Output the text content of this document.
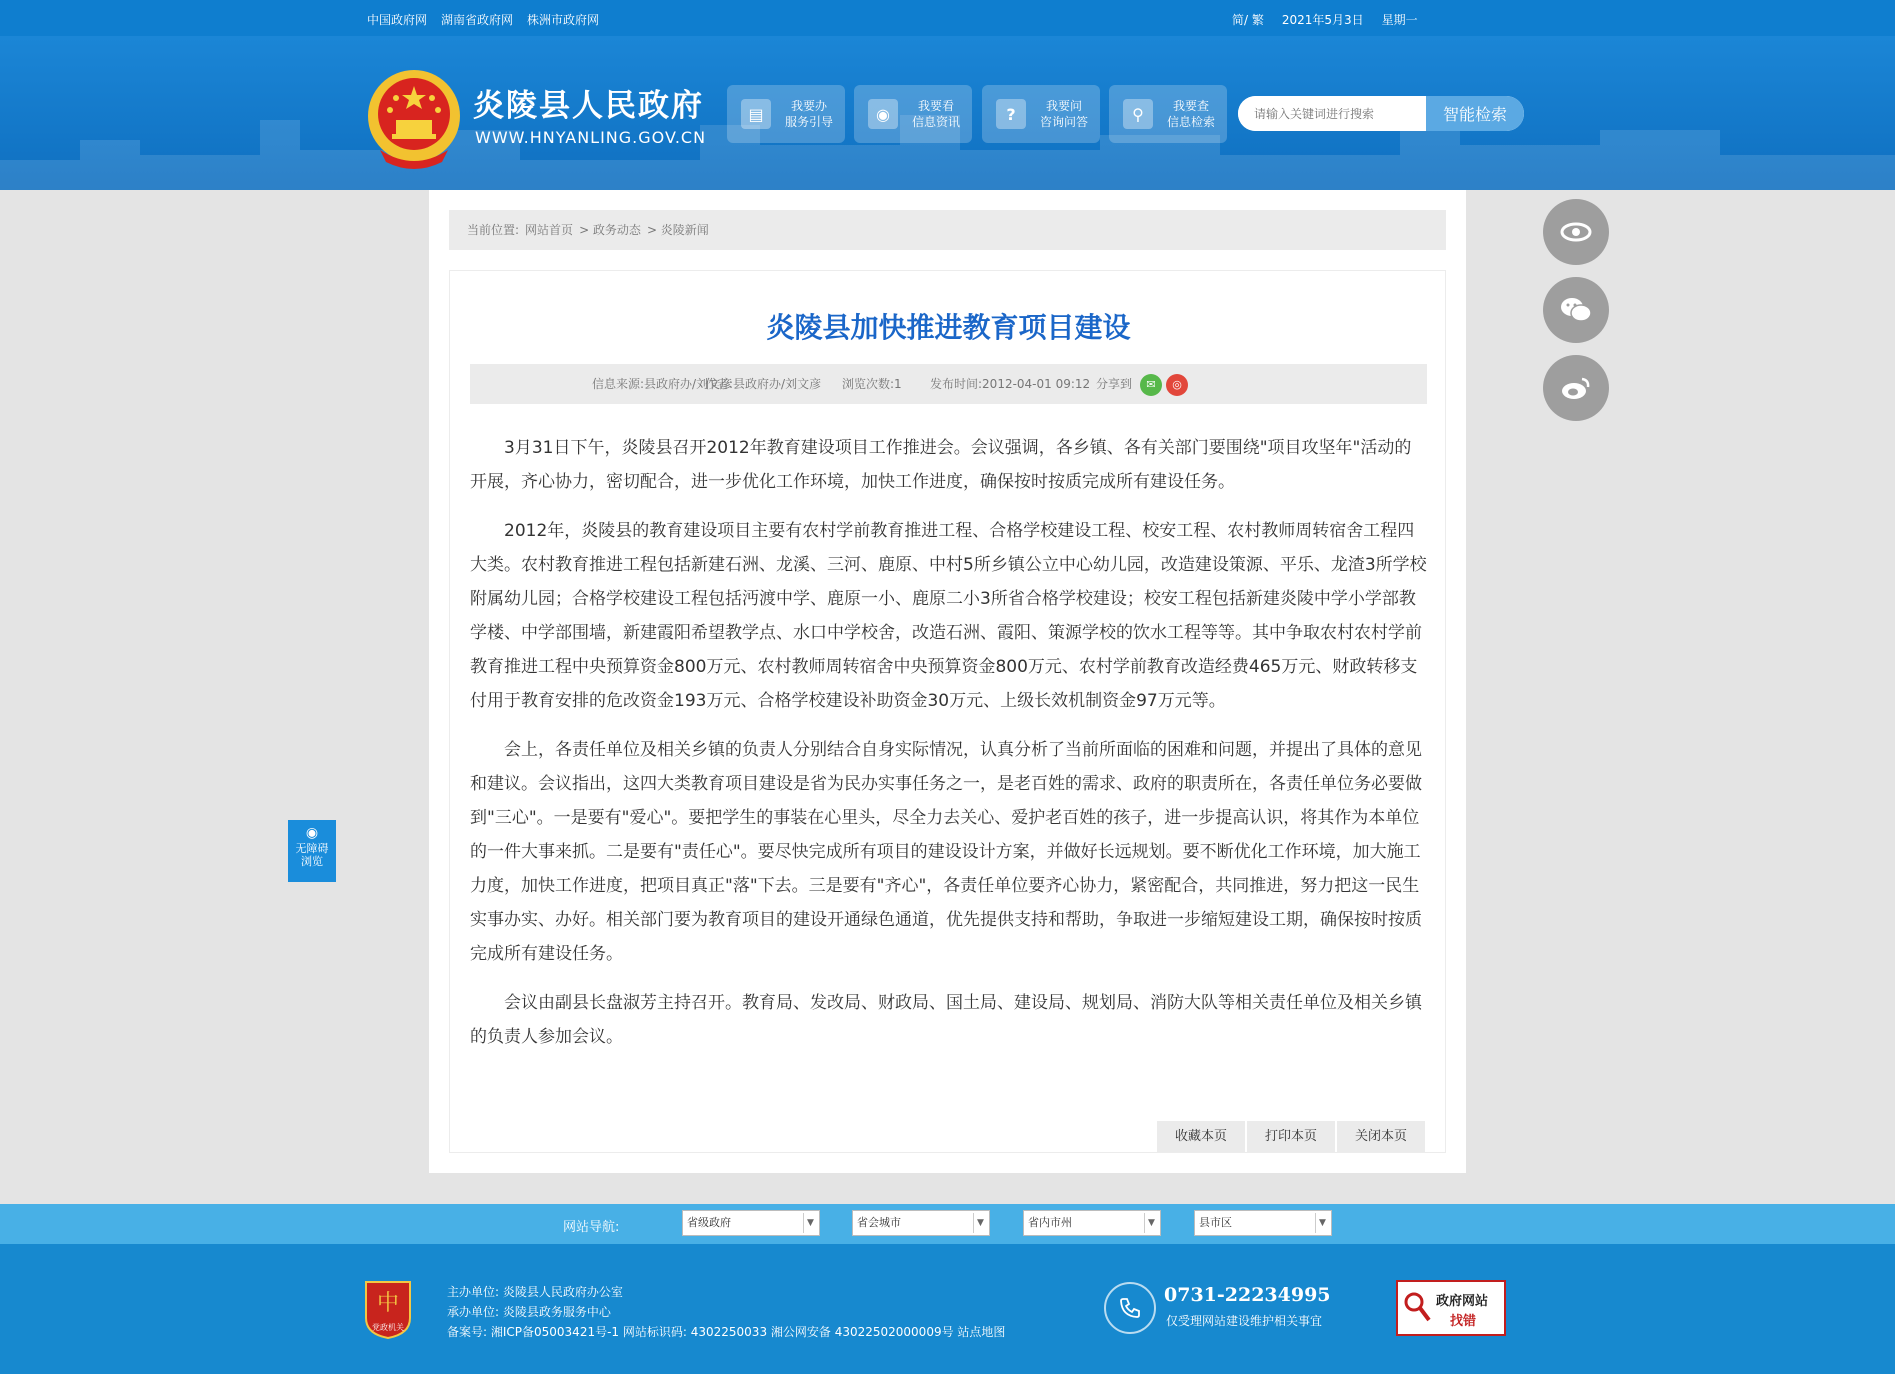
中国政府网 湖南省政府网 株洲市政府网	简/ 繁 2021年5月3日 星期一
炎陵县人民政府
WWW.HNYANLING.GOV.CN
▤	我要办
服务引导	◉	我要看
信息资讯	?	我要问
咨询问答	⚲	我要查
信息检索
请输入关键词进行搜索	智能检索
当前位置: 网站首页 > 政务动态 > 炎陵新闻
炎陵县加快推进教育项目建设
信息来源:县政府办/刘文彦
作者:县政府办/刘文彦 浏览次数:1 发布时间:2012-04-01 09:12 分享到	✉	◎

3月31日下午，炎陵县召开2012年教育建设项目工作推进会。会议强调，各乡镇、各有关部门要围绕"项目攻坚年"活动的开展，齐心协力，密切配合，进一步优化工作环境，加快工作进度，确保按时按质完成所有建设任务。

2012年，炎陵县的教育建设项目主要有农村学前教育推进工程、合格学校建设工程、校安工程、农村教师周转宿舍工程四大类。农村教育推进工程包括新建石洲、龙溪、三河、鹿原、中村5所乡镇公立中心幼儿园，改造建设策源、平乐、龙渣3所学校附属幼儿园；合格学校建设工程包括沔渡中学、鹿原一小、鹿原二小3所省合格学校建设；校安工程包括新建炎陵中学小学部教学楼、中学部围墙，新建霞阳希望教学点、水口中学校舍，改造石洲、霞阳、策源学校的饮水工程等等。其中争取农村农村学前教育推进工程中央预算资金800万元、农村教师周转宿舍中央预算资金800万元、农村学前教育改造经费465万元、财政转移支付用于教育安排的危改资金193万元、合格学校建设补助资金30万元、上级长效机制资金97万元等。

会上，各责任单位及相关乡镇的负责人分别结合自身实际情况，认真分析了当前所面临的困难和问题，并提出了具体的意见和建议。会议指出，这四大类教育项目建设是省为民办实事任务之一，是老百姓的需求、政府的职责所在，各责任单位务必要做到"三心"。一是要有"爱心"。要把学生的事装在心里头，尽全力去关心、爱护老百姓的孩子，进一步提高认识，将其作为本单位的一件大事来抓。二是要有"责任心"。要尽快完成所有项目的建设设计方案，并做好长远规划。要不断优化工作环境，加大施工力度，加快工作进度，把项目真正"落"下去。三是要有"齐心"，各责任单位要齐心协力，紧密配合，共同推进，努力把这一民生实事办实、办好。相关部门要为教育项目的建设开通绿色通道，优先提供支持和帮助，争取进一步缩短建设工期，确保按时按质完成所有建设任务。

会议由副县长盘淑芳主持召开。教育局、发改局、财政局、国土局、建设局、规划局、消防大队等相关责任单位及相关乡镇的负责人参加会议。

收藏本页	打印本页	关闭本页
◉
无障碍
浏览
网站导航:	省级政府	▼	省会城市	▼	省内市州	▼	县市区	▼
中
党政机关
主办单位: 炎陵县人民政府办公室
承办单位: 炎陵县政务服务中心
备案号: 湘ICP备05003421号-1 网站标识码: 4302250033 湘公网安备 43022502000009号 站点地图
0731-22234995
仅受理网站建设维护相关事宜
政府网站
找错
